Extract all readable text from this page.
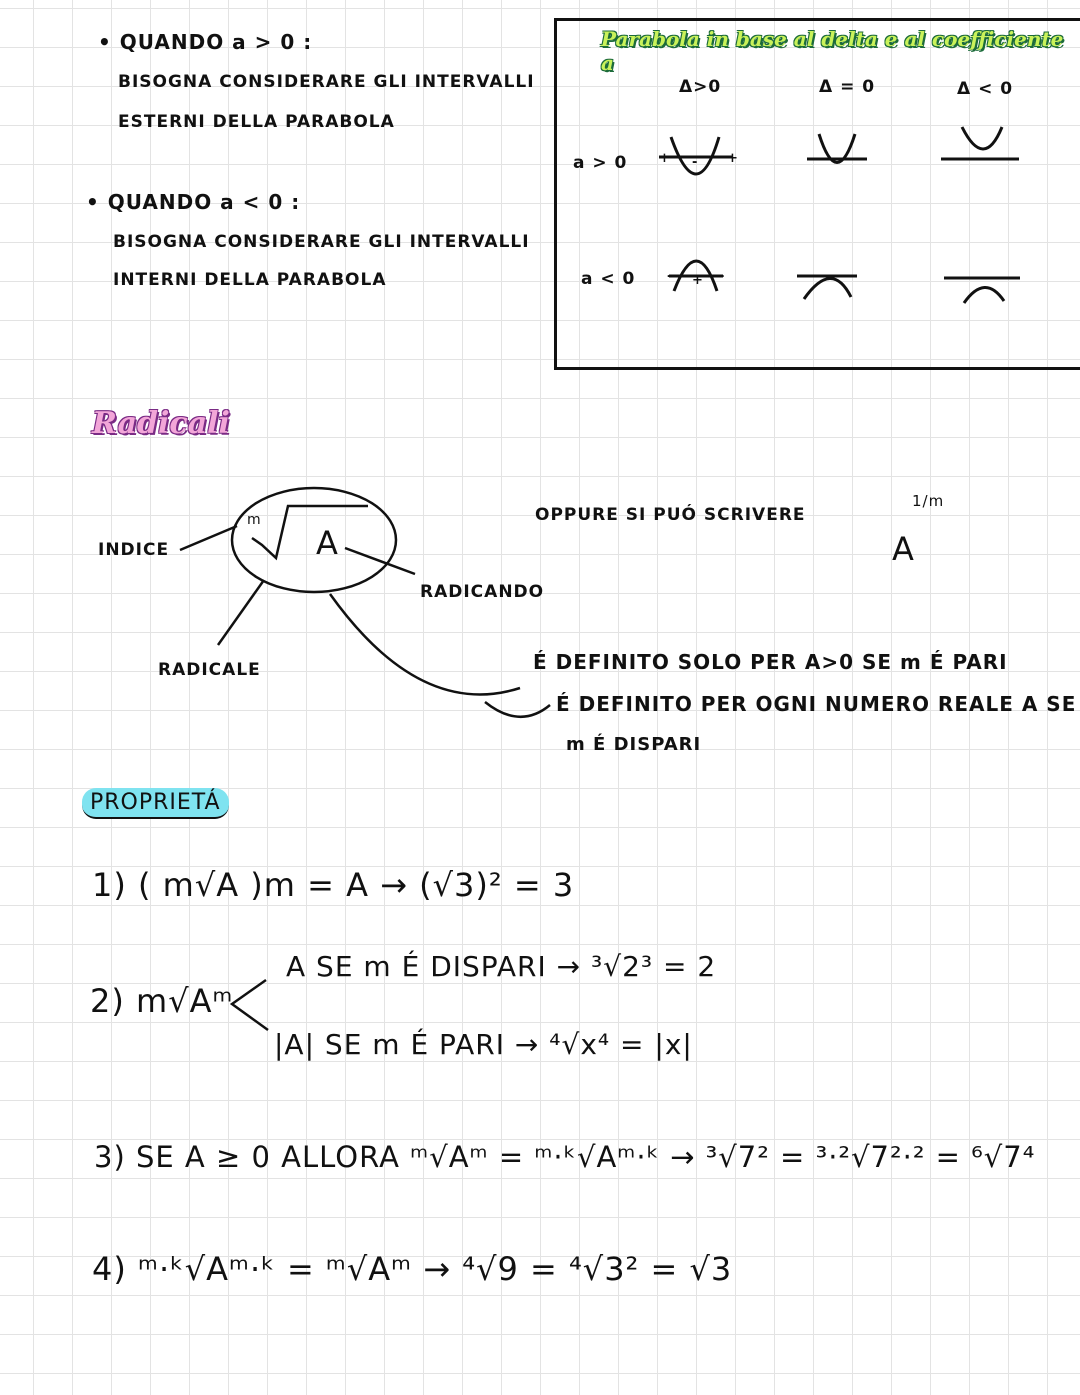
• QUANDO a > 0 :
BISOGNA CONSIDERARE GLI INTERVALLI
ESTERNI DELLA PARABOLA
• QUANDO a < 0 :
BISOGNA CONSIDERARE GLI INTERVALLI
INTERNI DELLA PARABOLA
Parabola in base al delta e al coefficiente a
Δ>0	Δ = 0	Δ < 0
a > 0
a < 0
+ - +
- + -
Radicali
m
A
INDICE
RADICANDO
RADICALE
OPPURE SI PUÓ SCRIVERE
A
1/m
É DEFINITO SOLO PER A>0 SE m É PARI
É DEFINITO PER OGNI NUMERO REALE A SE
m É DISPARI
PROPRIETÁ
1) ( m√A )m = A → (√3)² = 3
2) m√Aᵐ
A SE m É DISPARI → ³√2³ = 2
|A| SE m É PARI → ⁴√x⁴ = |x|
3) SE A ≥ 0 ALLORA ᵐ√Aᵐ = ᵐ·ᵏ√Aᵐ·ᵏ → ³√7² = ³·²√7²·² = ⁶√7⁴
4) ᵐ·ᵏ√Aᵐ·ᵏ = ᵐ√Aᵐ → ⁴√9 = ⁴√3² = √3
